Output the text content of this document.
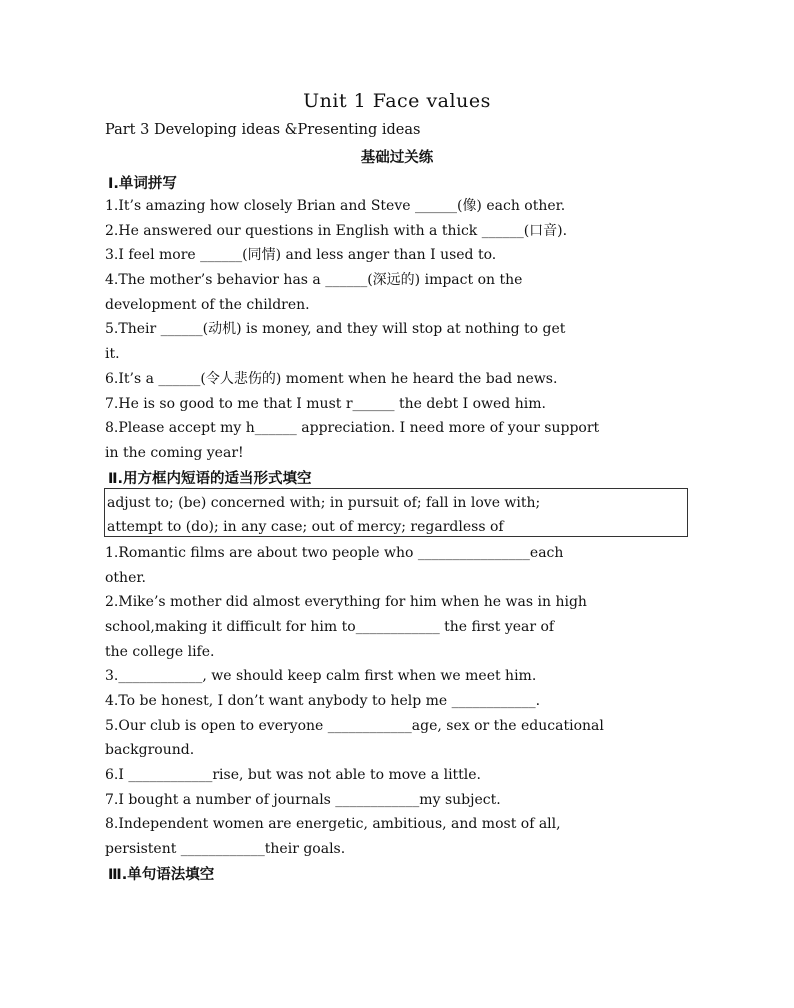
Unit 1 Face values
Part 3 Developing ideas &Presenting ideas
基础过关练
Ⅰ.单词拼写
1.It’s amazing how closely Brian and Steve ______(像) each other.
2.He answered our questions in English with a thick ______(口音).
3.I feel more ______(同情) and less anger than I used to.
4.The mother’s behavior has a ______(深远的) impact on the
development of the children.
5.Their ______(动机) is money, and they will stop at nothing to get
it.
6.It’s a ______(令人悲伤的) moment when he heard the bad news.
7.He is so good to me that I must r______ the debt I owed him.
8.Please accept my h______ appreciation. I need more of your support
in the coming year!
Ⅱ.用方框内短语的适当形式填空
adjust to; (be) concerned with; in pursuit of; fall in love with;
attempt to (do); in any case; out of mercy; regardless of
1.Romantic films are about two people who ________________each
other.
2.Mike’s mother did almost everything for him when he was in high
school,making it difficult for him to____________ the first year of
the college life.
3.____________, we should keep calm first when we meet him.
4.To be honest, I don’t want anybody to help me ____________.
5.Our club is open to everyone ____________age, sex or the educational
background.
6.I ____________rise, but was not able to move a little.
7.I bought a number of journals ____________my subject.
8.Independent women are energetic, ambitious, and most of all,
persistent ____________their goals.
Ⅲ.单句语法填空
